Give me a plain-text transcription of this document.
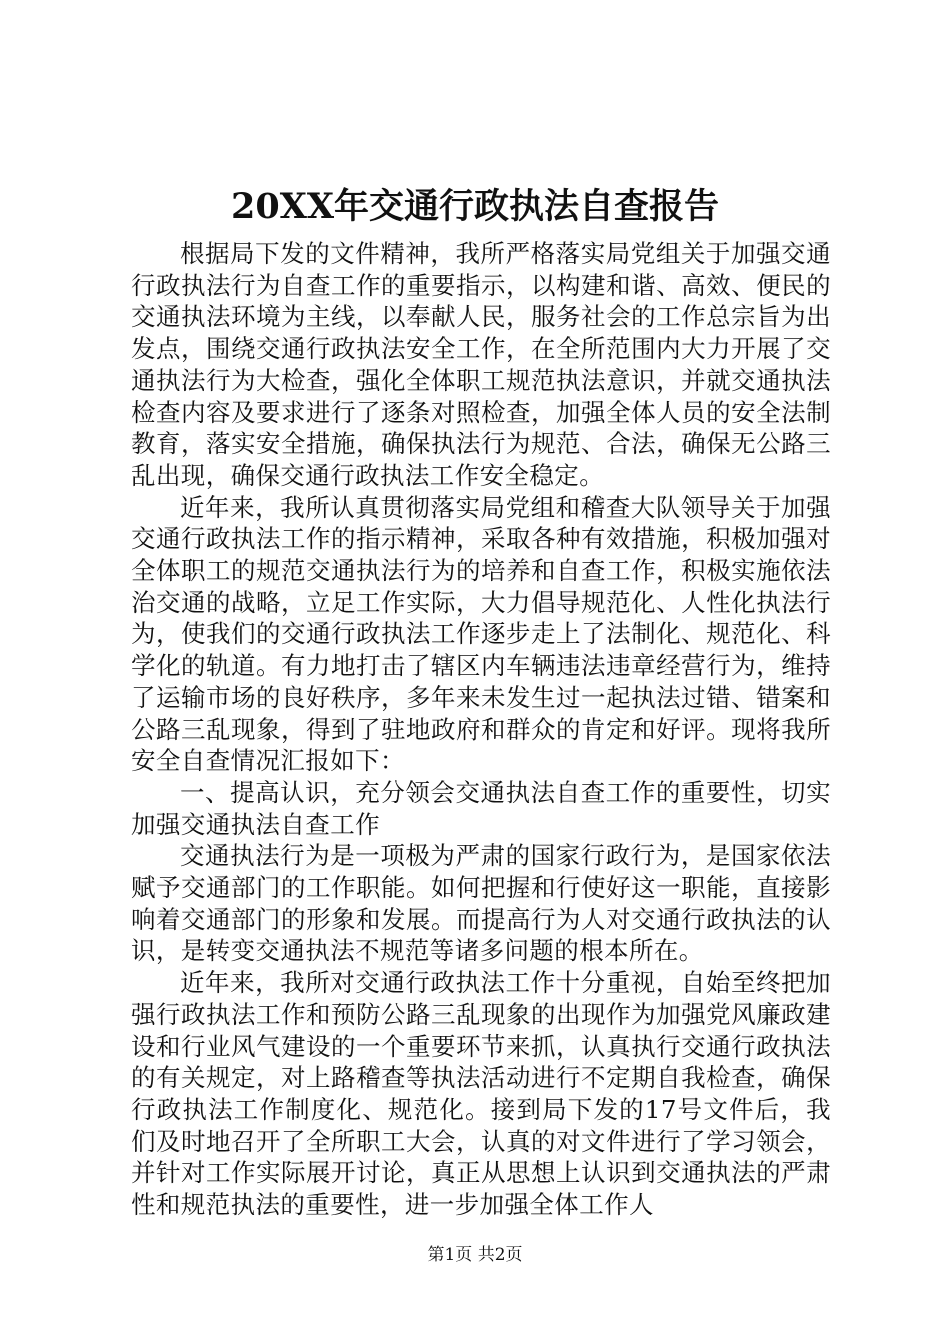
20XX年交通行政执法自查报告

根据局下发的文件精神，我所严格落实局党组关于加强交通行政执法行为自查工作的重要指示，以构建和谐、高效、便民的交通执法环境为主线，以奉献人民，服务社会的工作总宗旨为出发点，围绕交通行政执法安全工作，在全所范围内大力开展了交通执法行为大检查，强化全体职工规范执法意识，并就交通执法检查内容及要求进行了逐条对照检查，加强全体人员的安全法制教育，落实安全措施，确保执法行为规范、合法，确保无公路三乱出现，确保交通行政执法工作安全稳定。

近年来，我所认真贯彻落实局党组和稽查大队领导关于加强交通行政执法工作的指示精神，采取各种有效措施，积极加强对全体职工的规范交通执法行为的培养和自查工作，积极实施依法治交通的战略，立足工作实际，大力倡导规范化、人性化执法行为，使我们的交通行政执法工作逐步走上了法制化、规范化、科学化的轨道。有力地打击了辖区内车辆违法违章经营行为，维持了运输市场的良好秩序，多年来未发生过一起执法过错、错案和公路三乱现象，得到了驻地政府和群众的肯定和好评。现将我所安全自查情况汇报如下：

一、提高认识，充分领会交通执法自查工作的重要性，切实加强交通执法自查工作

交通执法行为是一项极为严肃的国家行政行为，是国家依法赋予交通部门的工作职能。如何把握和行使好这一职能，直接影响着交通部门的形象和发展。而提高行为人对交通行政执法的认识，是转变交通执法不规范等诸多问题的根本所在。

近年来，我所对交通行政执法工作十分重视，自始至终把加强行政执法工作和预防公路三乱现象的出现作为加强党风廉政建设和行业风气建设的一个重要环节来抓，认真执行交通行政执法的有关规定，对上路稽查等执法活动进行不定期自我检查，确保行政执法工作制度化、规范化。接到局下发的17号文件后，我们及时地召开了全所职工大会，认真的对文件进行了学习领会，并针对工作实际展开讨论，真正从思想上认识到交通执法的严肃性和规范执法的重要性，进一步加强全体工作人

第1页 共2页
